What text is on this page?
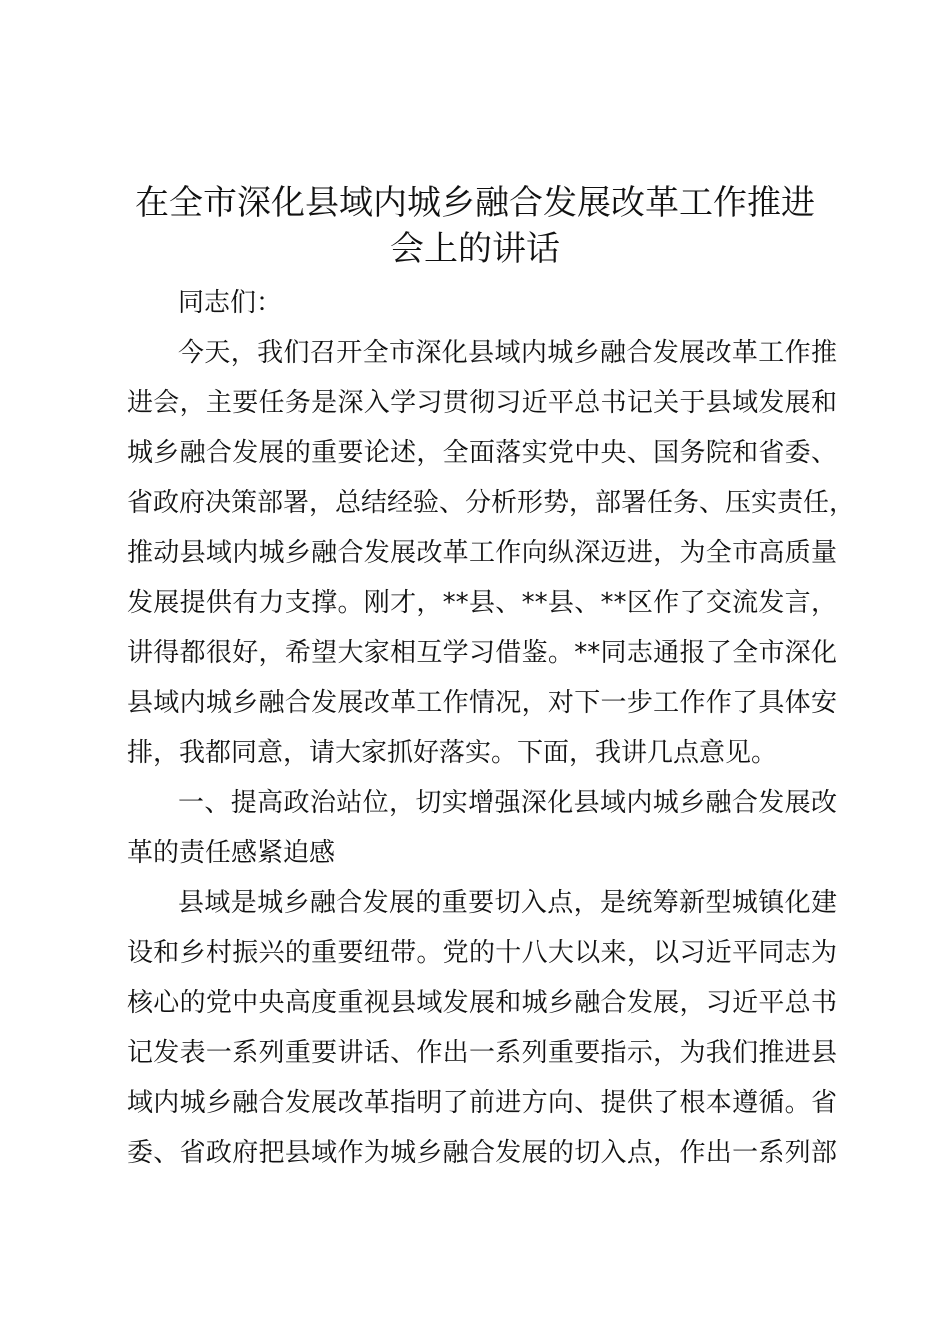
在全市深化县域内城乡融合发展改革工作推进
会上的讲话
同志们：
今天，我们召开全市深化县域内城乡融合发展改革工作推
进会，主要任务是深入学习贯彻习近平总书记关于县域发展和
城乡融合发展的重要论述，全面落实党中央、国务院和省委、
省政府决策部署，总结经验、分析形势，部署任务、压实责任，
推动县域内城乡融合发展改革工作向纵深迈进，为全市高质量
发展提供有力支撑。刚才，**县、**县、**区作了交流发言，
讲得都很好，希望大家相互学习借鉴。**同志通报了全市深化
县域内城乡融合发展改革工作情况，对下一步工作作了具体安
排，我都同意，请大家抓好落实。下面，我讲几点意见。
一、提高政治站位，切实增强深化县域内城乡融合发展改
革的责任感紧迫感
县域是城乡融合发展的重要切入点，是统筹新型城镇化建
设和乡村振兴的重要纽带。党的十八大以来，以习近平同志为
核心的党中央高度重视县域发展和城乡融合发展，习近平总书
记发表一系列重要讲话、作出一系列重要指示，为我们推进县
域内城乡融合发展改革指明了前进方向、提供了根本遵循。省
委、省政府把县域作为城乡融合发展的切入点，作出一系列部
